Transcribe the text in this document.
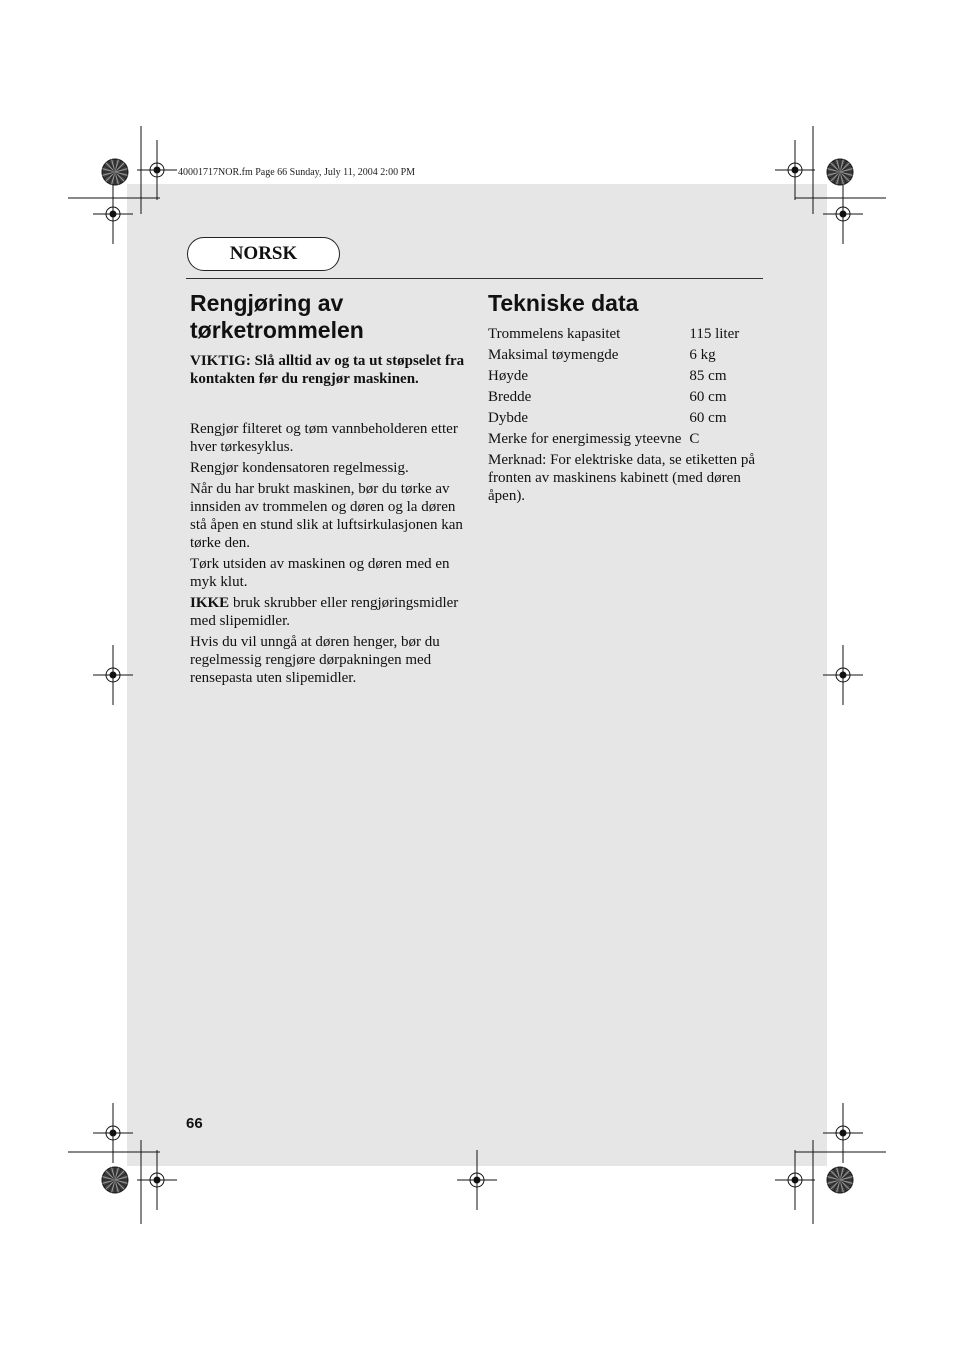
40001717NOR.fm Page 66 Sunday, July 11, 2004 2:00 PM
NORSK
Rengjøring av
tørketrommelen

VIKTIG: Slå alltid av og ta ut støpselet fra kontakten før du rengjør maskinen.

Rengjør filteret og tøm vannbeholderen etter hver tørkesyklus.

Rengjør kondensatoren regelmessig.

Når du har brukt maskinen, bør du tørke av innsiden av trommelen og døren og la døren stå åpen en stund slik at luftsirkulasjonen kan tørke den.

Tørk utsiden av maskinen og døren med en myk klut.

IKKE bruk skrubber eller rengjøringsmidler med slipemidler.

Hvis du vil unngå at døren henger, bør du regelmessig rengjøre dørpakningen med rensepasta uten slipemidler.

Tekniske data
Trommelens kapasitet	115 liter
Maksimal tøymengde	6 kg
Høyde	85 cm
Bredde	60 cm
Dybde	60 cm
Merke for energimessig yteevne	C

Merknad: For elektriske data, se etiketten på fronten av maskinens kabinett (med døren åpen).

66
